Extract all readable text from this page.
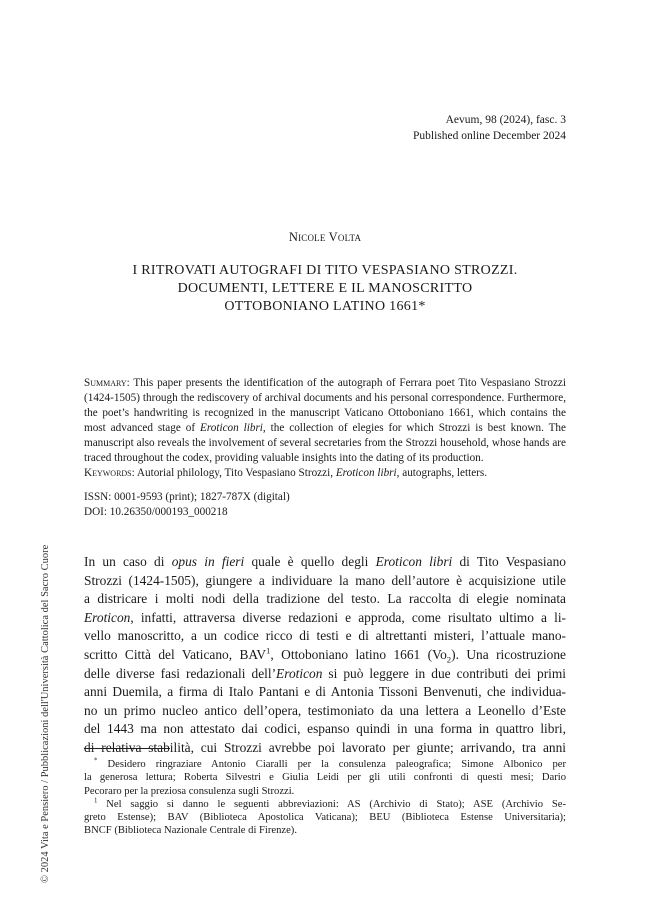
© 2024 Vita e Pensiero / Pubblicazioni dell'Università Cattolica del Sacro Cuore
Aevum, 98 (2024), fasc. 3
Published online December 2024
Nicole Volta
I RITROVATI AUTOGRAFI DI TITO VESPASIANO STROZZI.
DOCUMENTI, LETTERE E IL MANOSCRITTO
OTTOBONIANO LATINO 1661*
Summary: This paper presents the identification of the autograph of Ferrara poet Tito Vespasiano Strozzi (1424-1505) through the rediscovery of archival documents and his personal correspondence. Furthermore, the poet’s handwriting is recognized in the manuscript Vaticano Ottoboniano 1661, which contains the most advanced stage of Eroticon libri, the collection of elegies for which Strozzi is best known. The manuscript also reveals the involvement of several secretaries from the Strozzi household, whose hands are traced throughout the codex, providing valuable insights into the dating of its production.
Keywords: Autorial philology, Tito Vespasiano Strozzi, Eroticon libri, autographs, letters.
ISSN: 0001-9593 (print); 1827-787X (digital)
DOI: 10.26350/000193_000218
In un caso di opus in fieri quale è quello degli Eroticon libri di Tito Vespasiano
Strozzi (1424-1505), giungere a individuare la mano dell’autore è acquisizione utile
a districare i molti nodi della tradizione del testo. La raccolta di elegie nominata
Eroticon, infatti, attraversa diverse redazioni e approda, come risultato ultimo a li-
vello manoscritto, a un codice ricco di testi e di altrettanti misteri, l’attuale mano-
scritto Città del Vaticano, BAV$^1$, Ottoboniano latino 1661 $(Vo_2)$. Una ricostruzione
delle diverse fasi redazionali dell’Eroticon si può leggere in due contributi dei primi
anni Duemila, a firma di Italo Pantani e di Antonia Tissoni Benvenuti, che individua-
no un primo nucleo antico dell’opera, testimoniato da una lettera a Leonello d’Este
del 1443 ma non attestato dai codici, espanso quindi in una forma in quattro libri,
di relativa stabilità, cui Strozzi avrebbe poi lavorato per giunte; arrivando, tra anni
* Desidero ringraziare Antonio Ciaralli per la consulenza paleografica; Simone Albonico per
la generosa lettura; Roberta Silvestri e Giulia Leidi per gli utili confronti di questi mesi; Dario
Pecoraro per la preziosa consulenza sugli Strozzi.
$^1$ Nel saggio si danno le seguenti abbreviazioni: AS (Archivio di Stato); ASE (Archivio Se-
greto Estense); BAV (Biblioteca Apostolica Vaticana); BEU (Biblioteca Estense Universitaria);
BNCF (Biblioteca Nazionale Centrale di Firenze).
